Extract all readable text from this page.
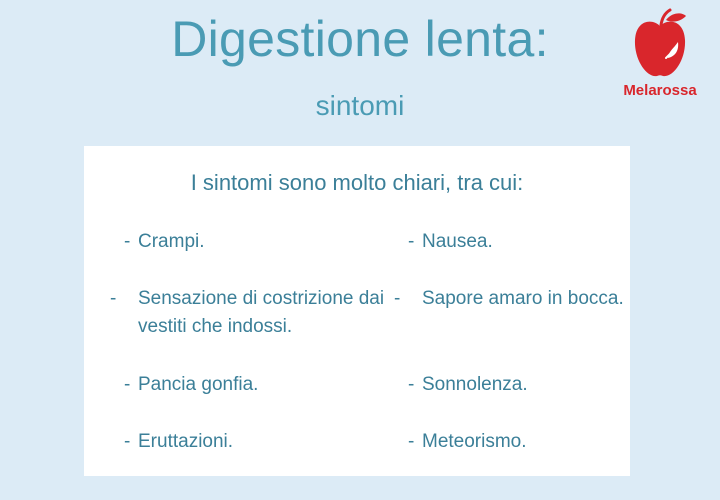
Digestione lenta:
sintomi	Melarossa
I sintomi sono molto chiari, tra cui:
- Crampi.
- Sensazione di costrizione dai vestiti che indossi.
- Pancia gonfia.
- Eruttazioni.
- Nausea.
- Sapore amaro in bocca.
- Sonnolenza.
- Meteorismo.
